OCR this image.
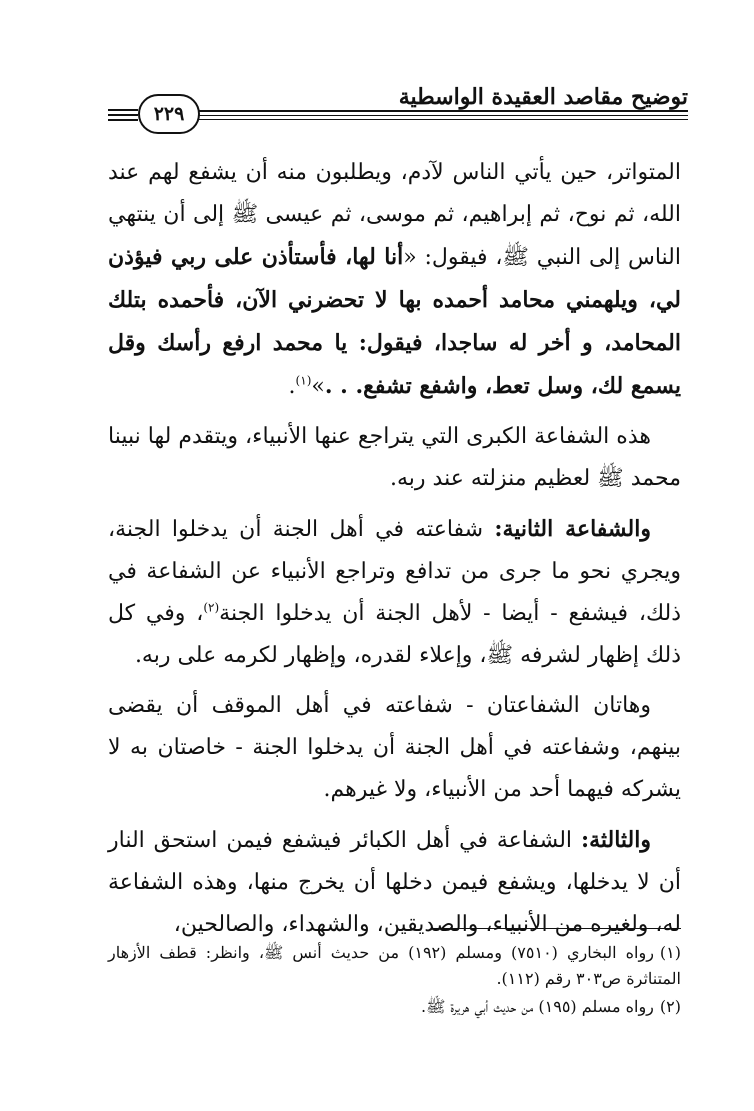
توضيح مقاصد العقيدة الواسطية
٢٢٩

المتواتر، حين يأتي الناس لآدم، ويطلبون منه أن يشفع لهم عند الله، ثم نوح، ثم إبراهيم، ثم موسى، ثم عيسى ﷺ إلى أن ينتهي الناس إلى النبي ﷺ، فيقول: «أنا لها، فأستأذن على ربي فيؤذن لي، ويلهمني محامد أحمده بها لا تحضرني الآن، فأحمده بتلك المحامد، و أخر له ساجدا، فيقول: يا محمد ارفع رأسك وقل يسمع لك، وسل تعط، واشفع تشفع. . .»$^{(١)}$.

هذه الشفاعة الكبرى التي يتراجع عنها الأنبياء، ويتقدم لها نبينا محمد ﷺ لعظيم منزلته عند ربه.

والشفاعة الثانية: شفاعته في أهل الجنة أن يدخلوا الجنة، ويجري نحو ما جرى من تدافع وتراجع الأنبياء عن الشفاعة في ذلك، فيشفع - أيضا - لأهل الجنة أن يدخلوا الجنة$^{(٢)}$، وفي كل ذلك إظهار لشرفه ﷺ، وإعلاء لقدره، وإظهار لكرمه على ربه.

وهاتان الشفاعتان - شفاعته في أهل الموقف أن يقضى بينهم، وشفاعته في أهل الجنة أن يدخلوا الجنة - خاصتان به لا يشركه فيهما أحد من الأنبياء، ولا غيرهم.

والثالثة: الشفاعة في أهل الكبائر فيشفع فيمن استحق النار أن لا يدخلها، ويشفع فيمن دخلها أن يخرج منها، وهذه الشفاعة له، ولغيره من الأنبياء، والصديقين، والشهداء، والصالحين،

(١)رواه البخاري (٧٥١٠) ومسلم (١٩٢) من حديث أنس ﷺ، وانظر: قطف الأزهار المتناثرة ص٣٠٣ رقم (١١٢).
(٢)رواه مسلم (١٩٥) من حديث أبي هريرة ﷺ.
